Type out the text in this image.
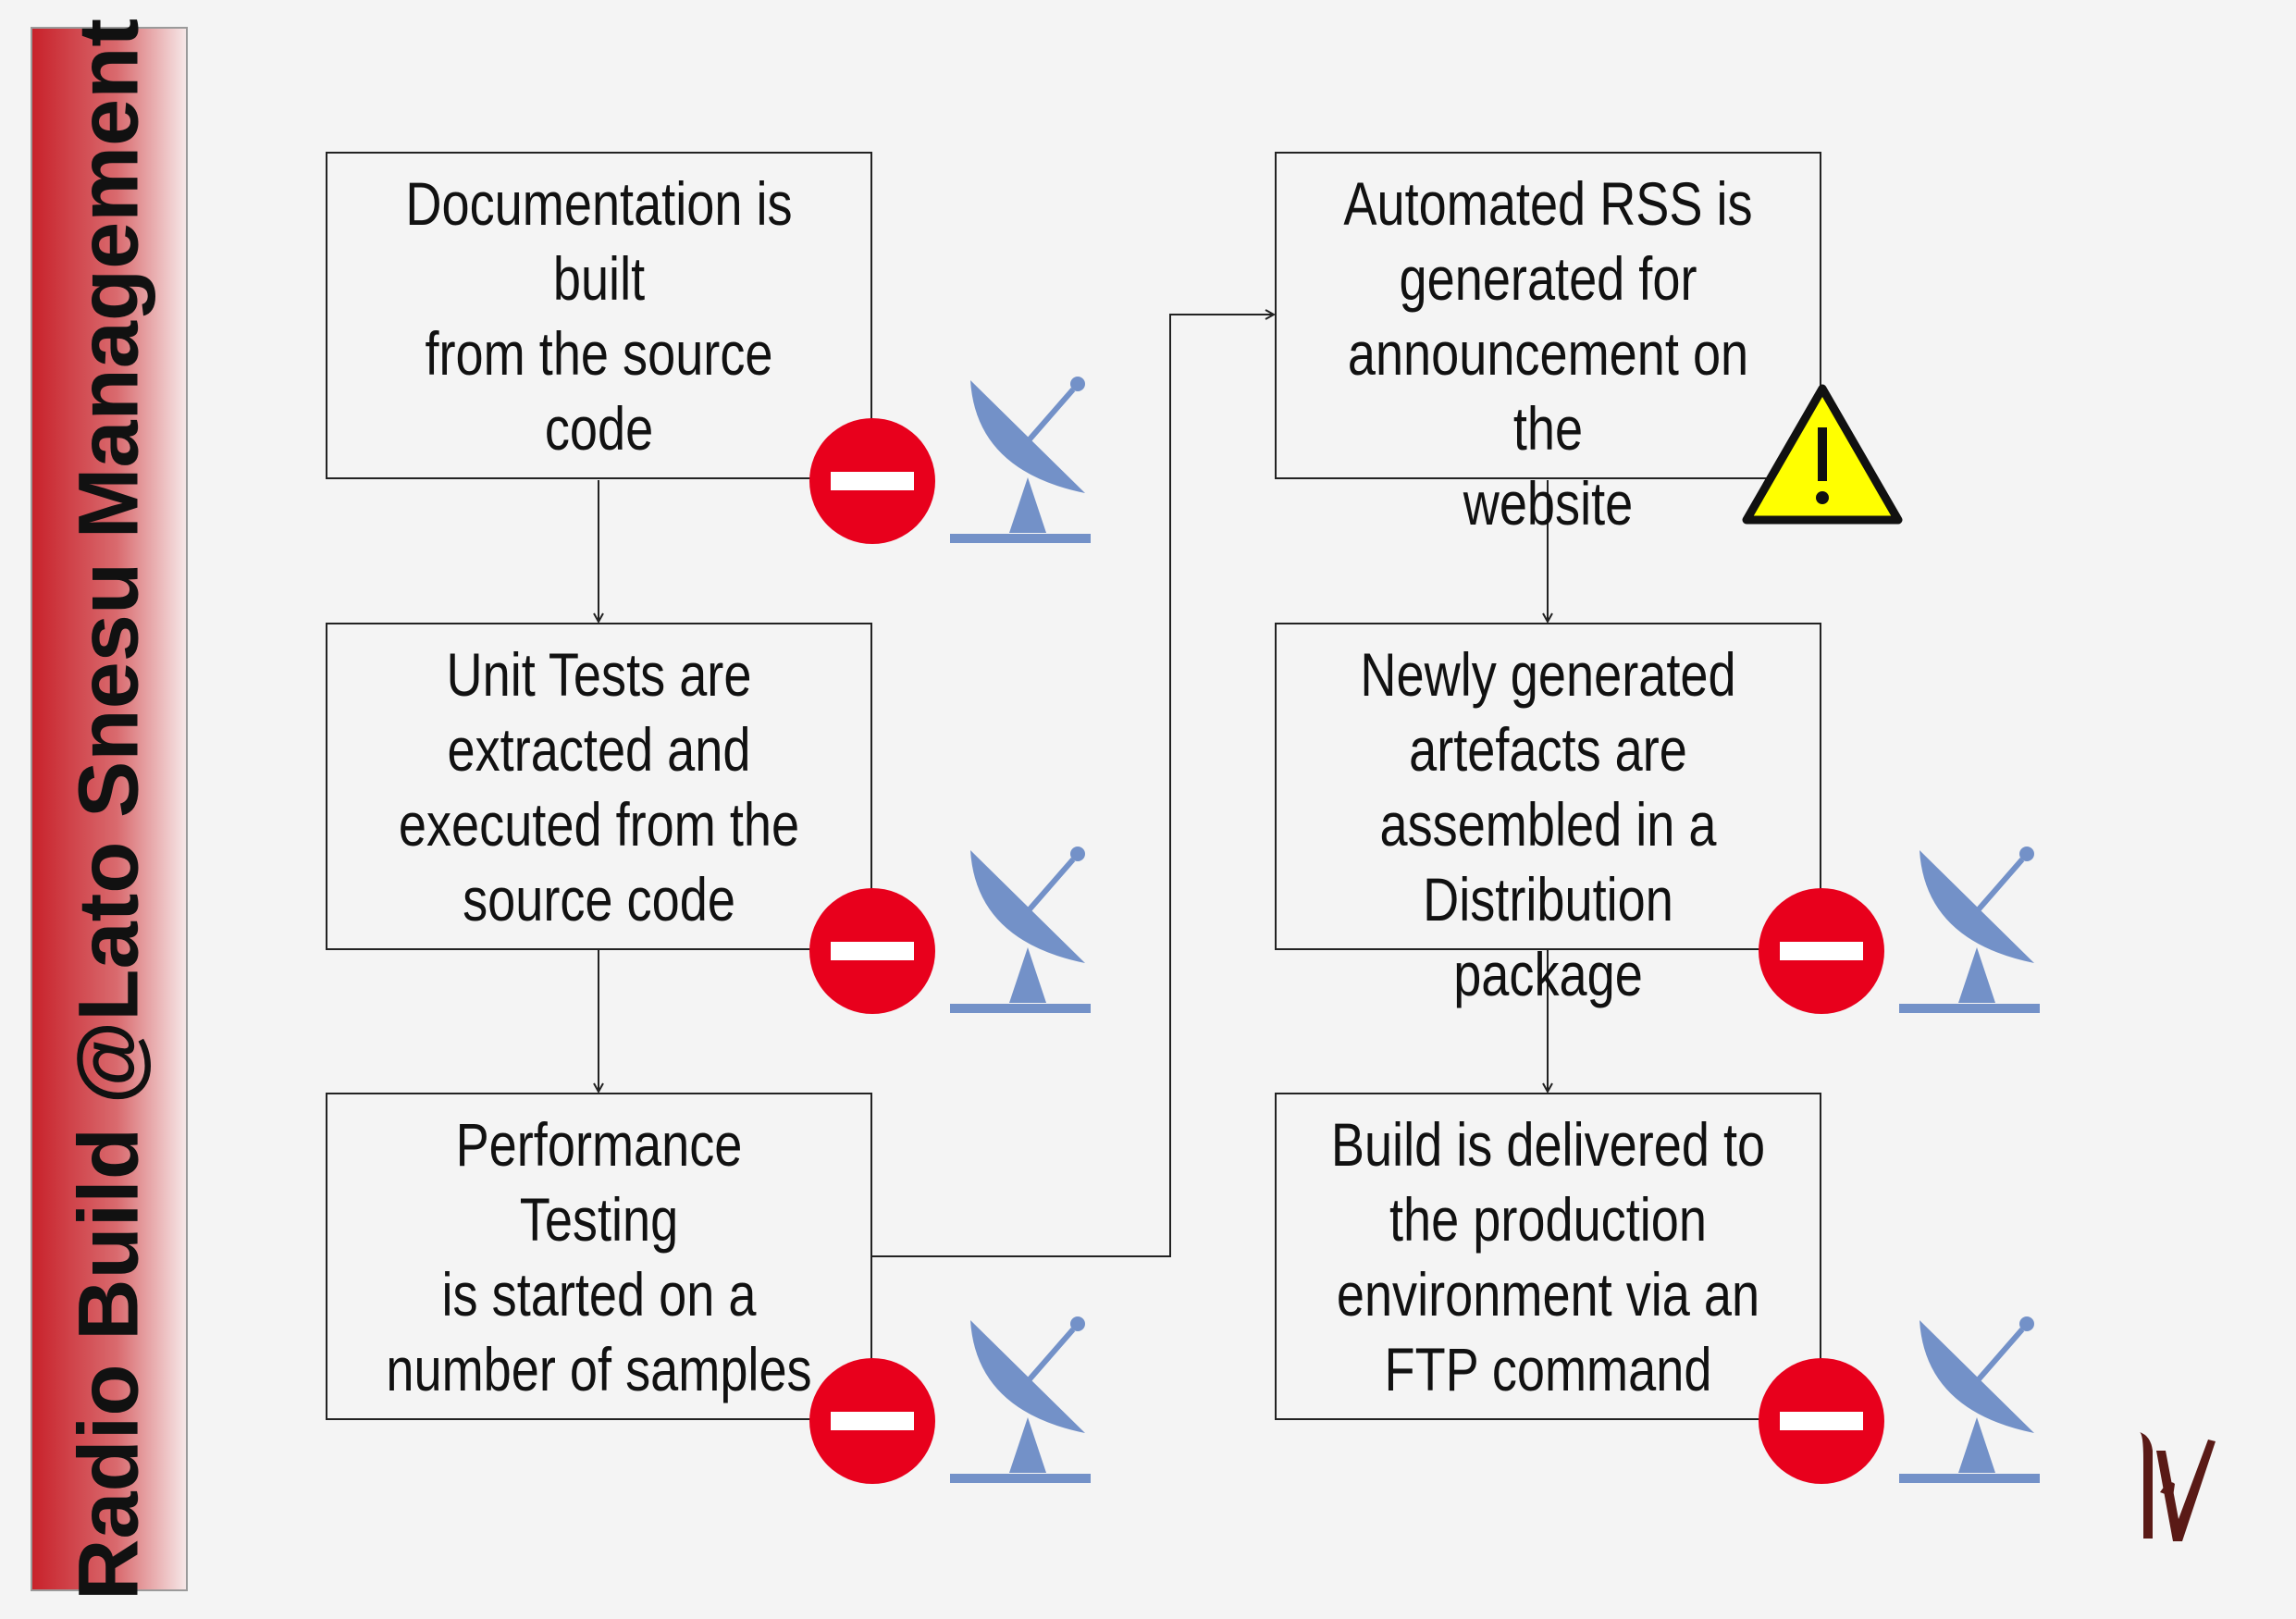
Radio Build @Lato Snesu Management	Documentation is built
from the source code
Unit Tests are
extracted and
executed from the
source code
Performance Testing
is started on a
number of samples
Automated RSS is
generated for
announcement on the
website
Newly generated
artefacts are
assembled in a
Distribution package
Build is delivered to
the production
environment via an
FTP command
